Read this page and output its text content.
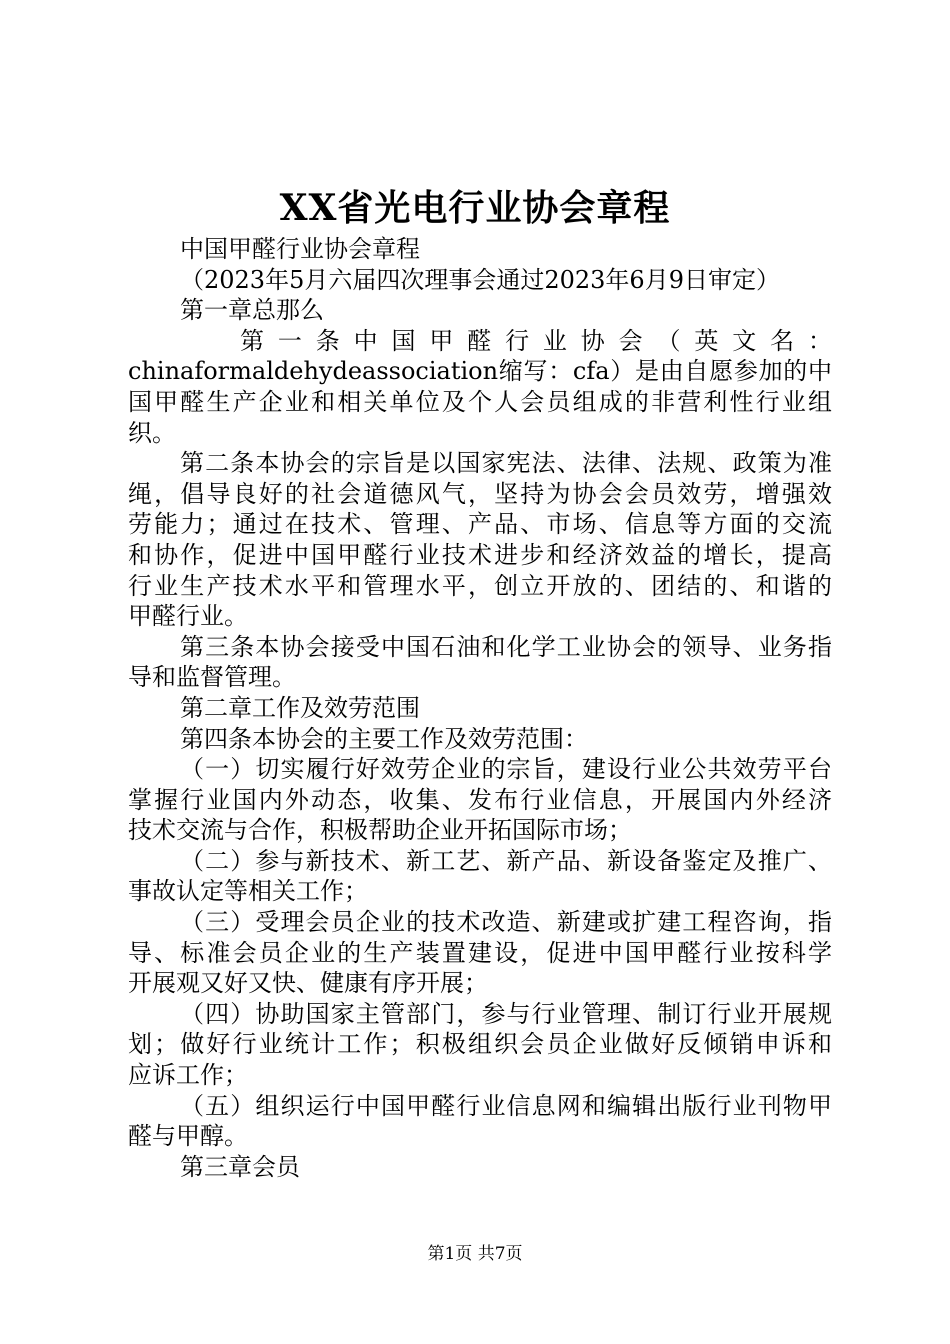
XX省光电行业协会章程
中国甲醛行业协会章程
（2023年5月六届四次理事会通过2023年6月9日审定）
第一章总那么
第 一 条 中 国 甲 醛 行 业 协 会 （ 英 文 名 ：
chinaformaldehydeassociation缩写：cfa）是由自愿参加的中
国甲醛生产企业和相关单位及个人会员组成的非营利性行业组
织。
第二条本协会的宗旨是以国家宪法、法律、法规、政策为准
绳，倡导良好的社会道德风气，坚持为协会会员效劳，增强效
劳能力；通过在技术、管理、产品、市场、信息等方面的交流
和协作，促进中国甲醛行业技术进步和经济效益的增长，提高
行业生产技术水平和管理水平，创立开放的、团结的、和谐的
甲醛行业。
第三条本协会接受中国石油和化学工业协会的领导、业务指
导和监督管理。
第二章工作及效劳范围
第四条本协会的主要工作及效劳范围：
（一）切实履行好效劳企业的宗旨，建设行业公共效劳平台
掌握行业国内外动态，收集、发布行业信息，开展国内外经济
技术交流与合作，积极帮助企业开拓国际市场；
（二）参与新技术、新工艺、新产品、新设备鉴定及推广、
事故认定等相关工作；
（三）受理会员企业的技术改造、新建或扩建工程咨询，指
导、标准会员企业的生产装置建设，促进中国甲醛行业按科学
开展观又好又快、健康有序开展；
（四）协助国家主管部门，参与行业管理、制订行业开展规
划；做好行业统计工作；积极组织会员企业做好反倾销申诉和
应诉工作；
（五）组织运行中国甲醛行业信息网和编辑出版行业刊物甲
醛与甲醇。
第三章会员
第1页 共7页
